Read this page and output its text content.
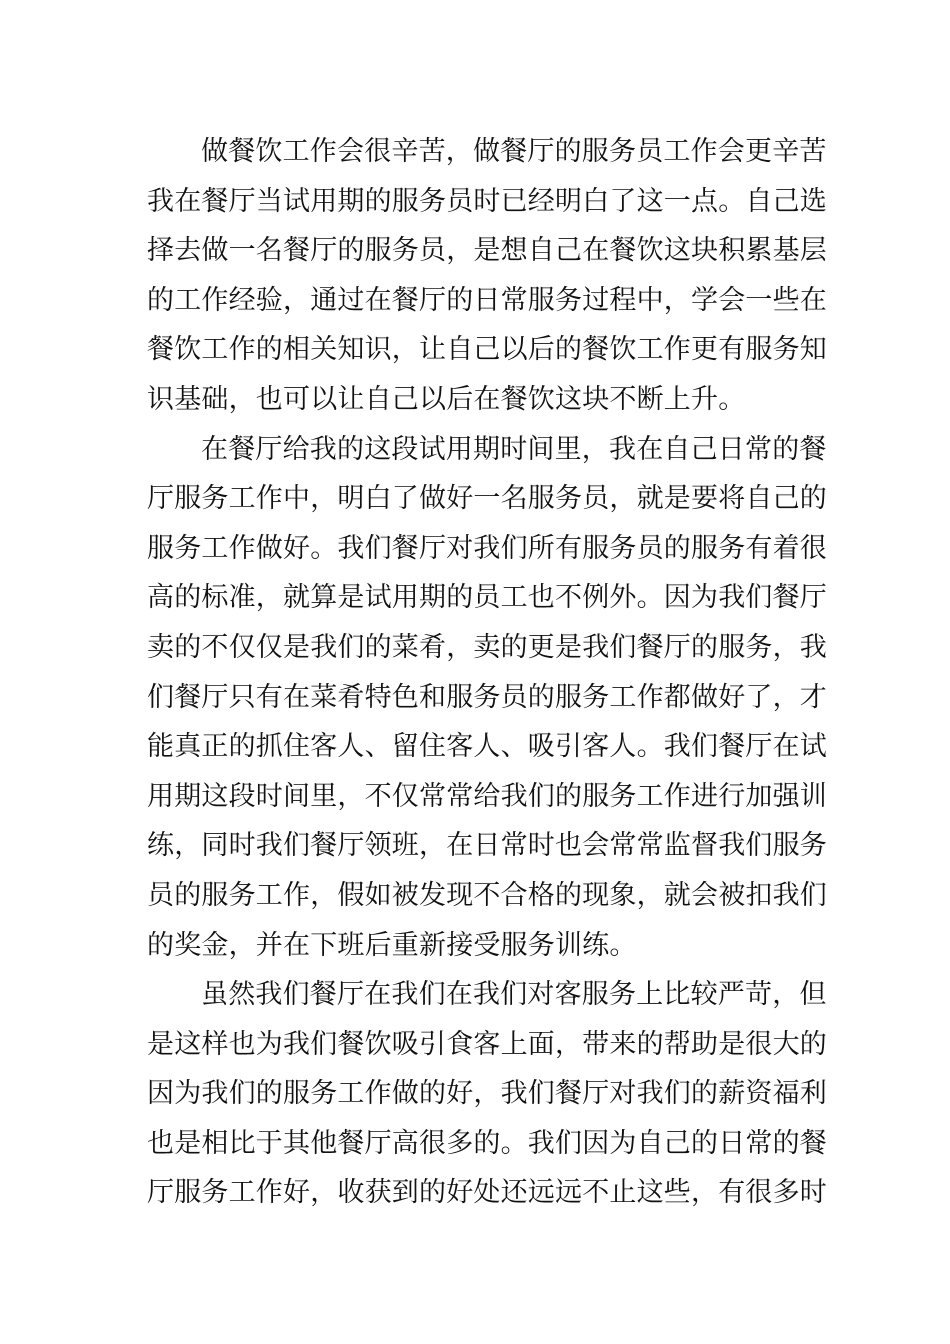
做餐饮工作会很辛苦，做餐厅的服务员工作会更辛苦
我在餐厅当试用期的服务员时已经明白了这一点。自己选
择去做一名餐厅的服务员，是想自己在餐饮这块积累基层
的工作经验，通过在餐厅的日常服务过程中，学会一些在
餐饮工作的相关知识，让自己以后的餐饮工作更有服务知
识基础，也可以让自己以后在餐饮这块不断上升。
在餐厅给我的这段试用期时间里，我在自己日常的餐
厅服务工作中，明白了做好一名服务员，就是要将自己的
服务工作做好。我们餐厅对我们所有服务员的服务有着很
高的标准，就算是试用期的员工也不例外。因为我们餐厅
卖的不仅仅是我们的菜肴，卖的更是我们餐厅的服务，我
们餐厅只有在菜肴特色和服务员的服务工作都做好了，才
能真正的抓住客人、留住客人、吸引客人。我们餐厅在试
用期这段时间里，不仅常常给我们的服务工作进行加强训
练，同时我们餐厅领班，在日常时也会常常监督我们服务
员的服务工作，假如被发现不合格的现象，就会被扣我们
的奖金，并在下班后重新接受服务训练。
虽然我们餐厅在我们在我们对客服务上比较严苛，但
是这样也为我们餐饮吸引食客上面，带来的帮助是很大的
因为我们的服务工作做的好，我们餐厅对我们的薪资福利
也是相比于其他餐厅高很多的。我们因为自己的日常的餐
厅服务工作好，收获到的好处还远远不止这些，有很多时
